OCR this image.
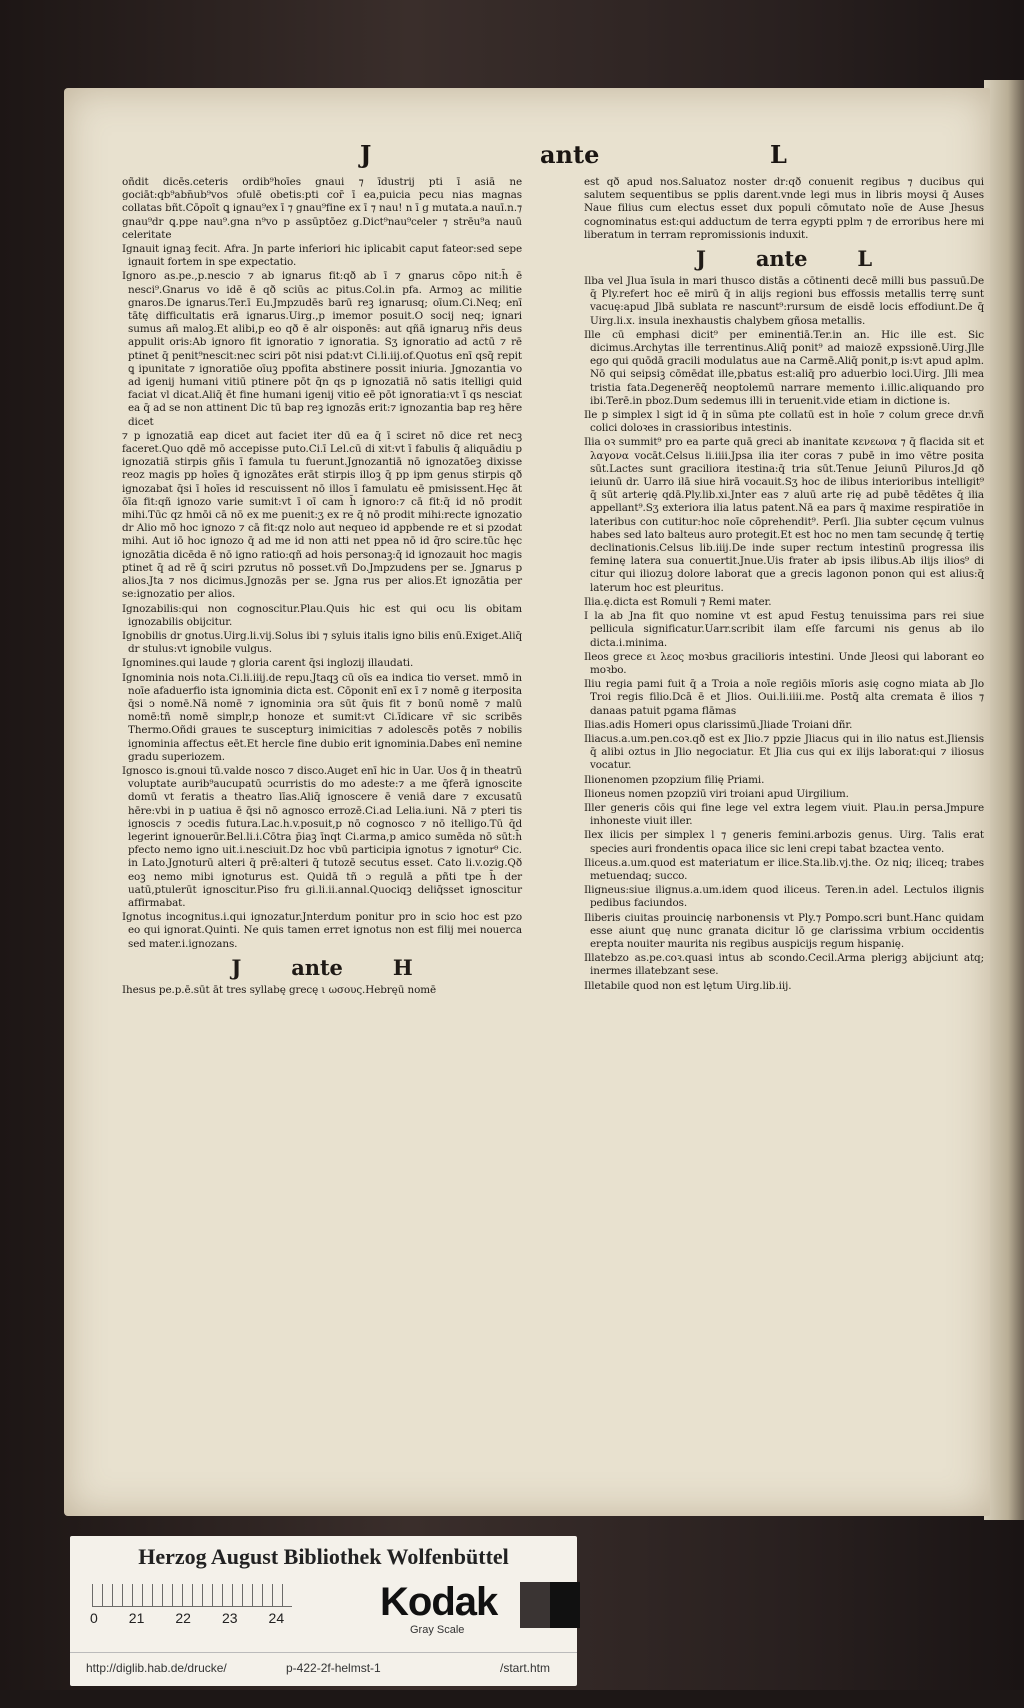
J	ante	L

oñdit dicēs.ceteris ordib⁹hoīes gnaui ⁊ īdustrij pti ī asiā ne gociāt:qb⁹abn̄ub⁹vos ↄfulē obetis:pti cor̄ ī ea,puicia pecu nias magnas collatas bñt.Cōpoīt ꝗ ignau⁹ex ī ⁊ gnau⁹fine ex ī ⁊ nau! n ī g mutata.a nauī.n.⁊ gnau⁹dr ꝗ.ppe nau⁹.gna n⁹vo p assūptōez g.Dict⁹nau⁹celer ⁊ strēu⁹a nauū celeritate

Ignauit ignaꝫ fecit. Afra. Jn parte inferiori hic iplicabit caput fateor:sed sepe ignauit fortem in spe expectatio.

Ignoro as.pe.,p.nescio ⁊ ab ignarus fit:qð ab ī ⁊ gnarus cōpo nit:h̄ ē nesci⁹.Gnarus vo idē ē qð sciūs ac pitus.Col.in pfa. Armoꝫ ac militie gnaros.De ignarus.Ter.ī Eu.Jmpzudēs barū reꝫ ignarusq; oīum.Ci.Neq; enī tātę difficultatis erā ignarus.Uirg.,p imemor posuit.O socij neq; ignari sumus añ maloꝫ.Et alibi,p eo qð ē alr oisponēs: aut qñā ignaruꝫ nr̄is deus appulit oris:Ab ignoro fit ignoratio ⁊ ignoratia. Sʒ ignoratio ad actū ⁊ rē ptinet q̄ penit⁹nescit:nec sciri pōt nisi pdat:vt Ci.li.iij.of.Quotus enī qsq̄ repit ꝗ ipunitate ⁊ ignoratiōe oīuꝫ ppofita abstinere possit iniuria. Jgnozantia vo ad igenij humani vitiū ptinere pōt q̄n qs p ignozatiā nō satis itelligi quid faciat vl dicat.Aliq̄ ēt fine humani igenij vitio eē pōt ignoratia:vt ī qs nesciat ea q̄ ad se non attinent Dic tū bap reꝫ ignozās erit:⁊ ignozantia bap reꝫ hēre dicet

⁊ p ignozatiā eap dicet aut faciet iter dū ea q̄ ī sciret nō dice ret necꝫ faceret.Quo qdē mō accepisse puto.Ci.ī Lel.cū di xit:vt ī fabulis q̄ aliquādiu p ignozatiā stirpis gñis ī famula tu fuerunt.Jgnozantiā nō ignozatōeꝫ dixisse reoz magis pp hoīes q̄ ignozātes erāt stirpis illoꝫ q̄ pp ipm genus stirpis qð ignozabat q̄si ī hoīes id rescuissent nō illos ī famulatu eē pmisissent.Hęc āt ōīa fit:qñ ignozo varie sumit:vt ī oī cam h̄ ignoro:⁊ cā fit:q̄ id nō prodit mihi.Tūc qz hmōi cā nō ex me puenit:ʒ ex re q̄ nō prodit mihi:recte ignozatio dr Alio mō hoc ignozo ⁊ cā fit:qz nolo aut nequeo id appbende re et si pzodat mihi. Aut iō hoc ignozo q̄ ad me id non atti net ppea nō id q̄ro scire.tūc hęc ignozātia dicēda ē nō igno ratio:qñ ad hois personaꝫ:q̄ id ignozauit hoc magis ptinet q̄ ad rē q̄ sciri pzrutus nō posset.vñ Do.Jmpzudens per se. Jgnarus p alios.Jta ⁊ nos dicimus.Jgnozās per se. Jgna rus per alios.Et ignozātia per se:ignozatio per alios.

Ignozabilis:qui non cognoscitur.Plau.Quis hic est qui ocu lis obitam ignozabilis obijcitur.

Ignobilis dr gnotus.Uirg.li.vij.Solus ibi ⁊ syluis italis igno bilis enū.Exiget.Aliq̄ dr stulus:vt ignobile vulgus.

Ignomines.qui laude ⁊ gloria carent q̄si inglozij illaudati.

Ignominia nois nota.Ci.li.iiij.de repu.Jtaqꝫ cū oīs ea indica tio verset. mmō in noīe afaduerfio ista ignominia dicta est. Cōponit enī ex ī ⁊ nomē g iterposita q̄si ↄ nomē.Nā nomē ⁊ ignominia ↄra sūt q̄uis fit ⁊ bonū nomē ⁊ malū nomē:tñ nomē simplr,p honoze et sumit:vt Ci.īdicare vr̄ sic scribēs Thermo.Oñdi graues te suscepturꝫ inimicitias ⁊ adolescēs potēs ⁊ nobilis ignominia affectus eēt.Et hercle fine dubio erit ignominia.Dabes enī nemine gradu superiozem.

Ignosco is.gnoui tū.valde nosco ⁊ disco.Auget enī hic in Uar. Uos q̄ in theatrū voluptate aurib⁹aucupatū ↄcurristis do mo adeste:⁊ a me q̄ferā ignoscite domū vt feratis a theatro līas.Aliq̄ ignoscere ē veniā dare ⁊ excusatū hēre:vbi in p uatiua ē q̄si nō agnosco errozē.Ci.ad Lelia.iuni. Nā ⁊ pteri tis ignoscis ⁊ ↄcedis futura.Lac.h.v.posuit,p nō cognosco ⁊ nō itelligo.Tū q̄d legerint ignouerūr.Bel.li.i.Cōtra p̄iaꝫ īnqt Ci.arma,p amico sumēda nō sūt:h̄ pfecto nemo igno uit.i.nesciuit.Dz hoc vbū participia ignotus ⁊ ignotur⁹ Cic. in Lato.Jgnoturū alteri q̄ prē:alteri q̄ tutozē secutus esset. Cato li.v.ozig.Qð eoꝫ nemo mibi ignoturus est. Quidā tñ ↄ regulā a pñti tpe h̄ der uatū,ptulerūt ignoscitur.Piso fru gi.li.ii.annal.Quociqꝫ deliq̄sset ignoscitur affirmabat.

Ignotus incognitus.i.qui ignozatur.Jnterdum ponitur pro in scio hoc est pzo eo qui ignorat.Quinti. Ne quis tamen erret ignotus non est filij mei nouerca sed mater.i.ignozans.

J ante H

Ihesus pe.p.ē.sūt āt tres syllabę grecę ι ωσους.Hebręū nomē

est qð apud nos.Saluatoz noster dr:qð conuenit regibus ⁊ ducibus qui salutem sequentibus se pplis darent.vnde legi mus in libris moysi q̄ Auses Naue filius cum electus esset dux populi cōmutato noīe de Ause Jhesus cognominatus est:qui adductum de terra egypti pplm ⁊ de erroribus here mi liberatum in terram repromissionis induxit.

J ante L

Ilba vel Jlua īsula in mari thusco distās a cōtinenti decē milli bus passuū.De q̄ Ply.refert hoc eē mirū q̄ in alijs regioni bus effossis metallis terrę sunt vacuę:apud Jlbā sublata re nascunt⁹:rursum de eisdē locis effodiunt.De q̄ Uirg.li.x. insula inexhaustis chalybem gñosa metallis.

Ille cū emphasi dicit⁹ per eminentiā.Ter.in an. Hic ille est. Sic dicimus.Archytas ille terrentinus.Aliq̄ ponit⁹ ad maiozē expssionē.Uirg.Jlle ego qui quōdā gracili modulatus aue na Carmē.Aliq̄ ponit,p is:vt apud aplm. Nō qui seipsiꝫ cōmēdat ille,pbatus est:aliq̄ pro aduerbio loci.Uirg. Jlli mea tristia fata.Degenerēq̄ neoptolemū narrare memento i.illic.aliquando pro ibi.Terē.in pboz.Dum sedemus illi in teruenit.vide etiam in dictione is.

Ile p simplex l sigt id q̄ in sūma pte collatū est in hoīe ⁊ colum grece dr.vñ colici doloꝛes in crassioribus intestinis.

Ilia oꝛ summit⁹ pro ea parte quā greci ab inanitate κενεωνα ⁊ q̄ flacida sit et λαγονα vocāt.Celsus li.iiii.Jpsa ilia iter coras ⁊ pubē in imo vētre posita sūt.Lactes sunt graciliora itestina:q̄ tria sūt.Tenue Jeiunū Piluros.Jd qð ieiunū dr. Uarro ilā siue hirā vocauit.Sʒ hoc de ilibus interioribus intelligit⁹ q̄ sūt arterię qdā.Ply.lib.xi.Jnter eas ⁊ aluū arte rię ad pubē tēdētes q̄ ilia appellant⁹.Sʒ exteriora ilia latus patent.Nā ea pars q̄ maxime respiratiōe in lateribus con cutitur:hoc noīe cōprehendit⁹. Perſi. Jlia subter cęcum vulnus habes sed lato balteus auro protegit.Et est hoc no men tam secundę q̄ tertię declinationis.Celsus lib.iiij.De inde super rectum intestinū progressa ilis feminę latera sua conuertit.Jnue.Uis frater ab ipsis ilibus.Ab ilijs ilios⁹ di citur qui iliozuꝫ dolore laborat que a grecis lagonon ponon qui est alius:q̄ laterum hoc est pleuritus.

Ilia.ę.dicta est Romuli ⁊ Remi mater.

I la ab Jna fit quo nomine vt est apud Festuꝫ tenuissima pars rei siue pellicula significatur.Uarr.scribit ilam eſſe farcumi nis genus ab ilo dicta.i.minima.

Ileos grece ει λεος moꝛbus gracilioris intestini. Unde Jleosi qui laborant eo moꝛbo.

Iliu regia pami fuit q̄ a Troia a noīe regiōis mīoris asię cogno miata ab Jlo Troi regis filio.Dcā ē et Jlios. Oui.li.iiii.me. Postq̄ alta cremata ē ilios ⁊ danaas patuit pgama flāmas

Ilias.adis Homeri opus clarissimū.Jliade Troiani dñr.

Iliacus.a.um.pen.coꝛ.qð est ex Jlio.⁊ ppzie Jliacus qui in ilio natus est.Jliensis q̄ alibi oztus in Jlio negociatur. Et Jlia cus qui ex ilijs laborat:qui ⁊ iliosus vocatur.

Ilionenomen pzopzium filię Priami.

Ilioneus nomen pzopziū viri troiani apud Uirgilium.

Iller generis cōis qui fine lege vel extra legem viuit. Plau.in persa.Jmpure inhoneste viuit iller.

Ilex ilicis per simplex l ⁊ generis femini.arbozis genus. Uirg. Talis erat species auri frondentis opaca ilice sic leni crepi tabat bzactea vento.

Iliceus.a.um.quod est materiatum er ilice.Sta.lib.vj.the. Oz niq; iliceq; trabes metuendaq; succo.

Iligneus:siue ilignus.a.um.idem quod iliceus. Teren.in adel. Lectulos ilignis pedibus faciundos.

Iliberis ciuitas prouincię narbonensis vt Ply.⁊ Pompo.scri bunt.Hanc quidam esse aiunt quę nunc granata dicitur lō ge clarissima vrbium occidentis erepta nouiter maurita nis regibus auspicijs regum hispanię.

Illatebzo as.pe.coꝛ.quasi intus ab scondo.Cecil.Arma plerigꝫ abijciunt atq; inermes illatebzant sese.

Illetabile quod non est lętum Uirg.lib.iij.

Herzog August Bibliothek Wolfenbüttel
0 21 22 23 24 Kodak
Gray Scale
http://diglib.hab.de/drucke/	p-422-2f-helmst-1	/start.htm
